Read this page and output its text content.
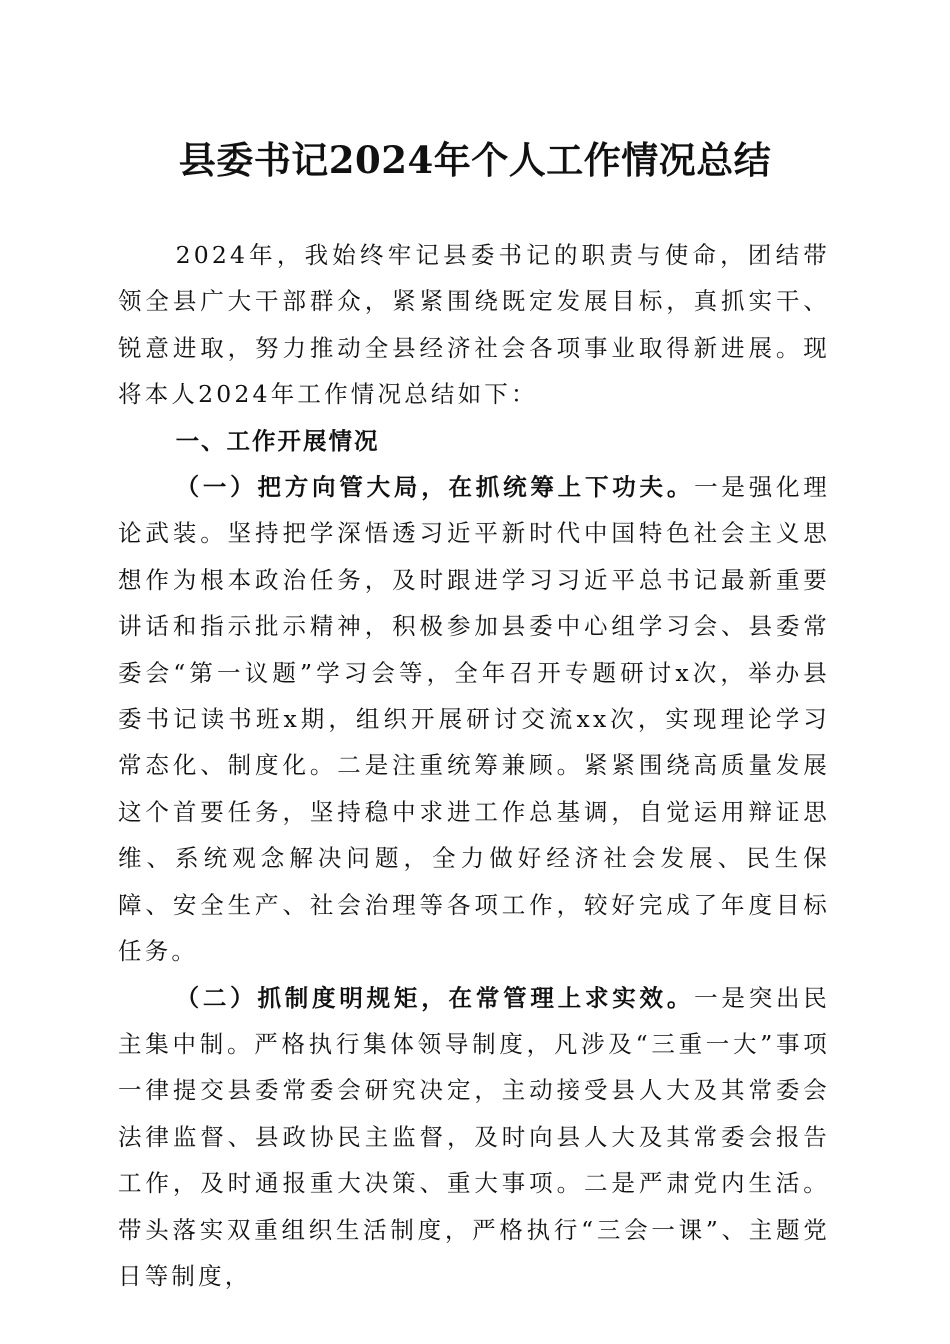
县委书记2024年个人工作情况总结

2024年，我始终牢记县委书记的职责与使命，团结带领全县广大干部群众，紧紧围绕既定发展目标，真抓实干、锐意进取，努力推动全县经济社会各项事业取得新进展。现将本人2024年工作情况总结如下：

一、工作开展情况

（一）把方向管大局，在抓统筹上下功夫。一是强化理论武装。坚持把学深悟透习近平新时代中国特色社会主义思想作为根本政治任务，及时跟进学习习近平总书记最新重要讲话和指示批示精神，积极参加县委中心组学习会、县委常委会“第一议题”学习会等，全年召开专题研讨x次，举办县委书记读书班x期，组织开展研讨交流xx次，实现理论学习常态化、制度化。二是注重统筹兼顾。紧紧围绕高质量发展这个首要任务，坚持稳中求进工作总基调，自觉运用辩证思维、系统观念解决问题，全力做好经济社会发展、民生保障、安全生产、社会治理等各项工作，较好完成了年度目标任务。

（二）抓制度明规矩，在常管理上求实效。一是突出民主集中制。严格执行集体领导制度，凡涉及“三重一大”事项一律提交县委常委会研究决定，主动接受县人大及其常委会法律监督、县政协民主监督，及时向县人大及其常委会报告工作，及时通报重大决策、重大事项。二是严肃党内生活。带头落实双重组织生活制度，严格执行“三会一课”、主题党日等制度，
